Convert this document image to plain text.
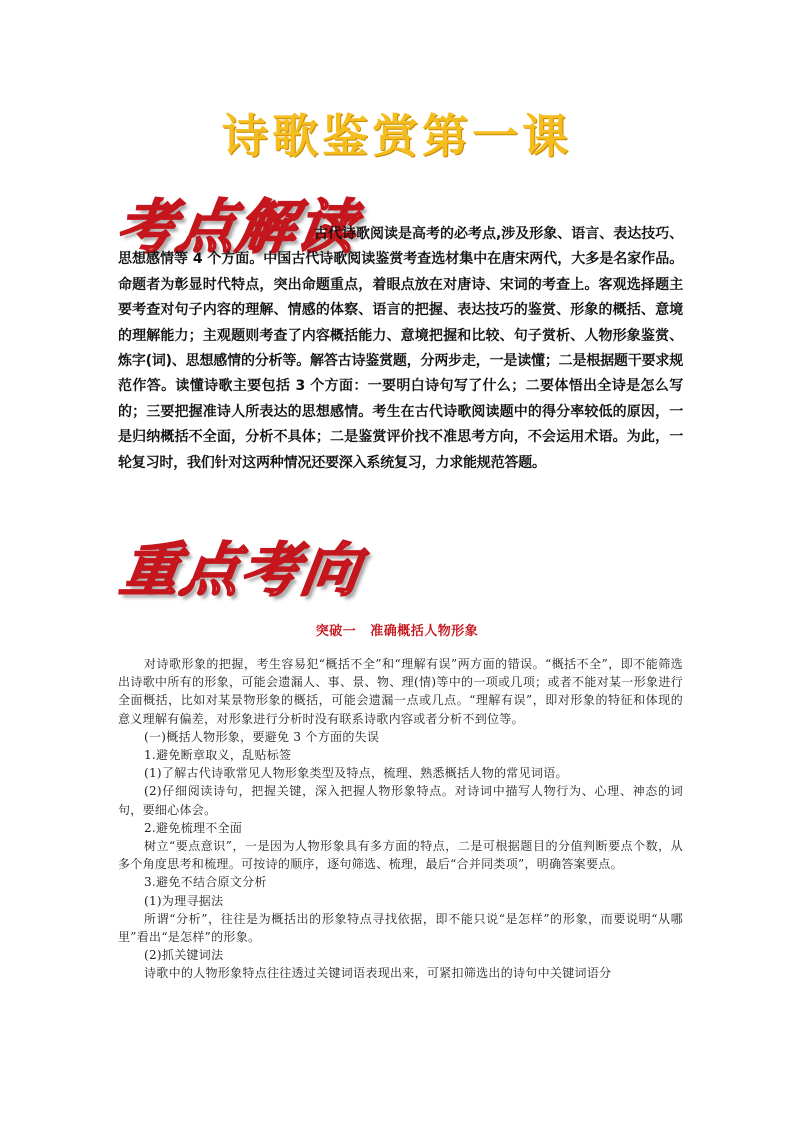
诗歌鉴赏第一课
考点解读
古代诗歌阅读是高考的必考点,涉及形象、语言、表达技巧、思想感情等 4 个方面。中国古代诗歌阅读鉴赏考查选材集中在唐宋两代，大多是名家作品。命题者为彰显时代特点，突出命题重点，着眼点放在对唐诗、宋词的考查上。客观选择题主要考查对句子内容的理解、情感的体察、语言的把握、表达技巧的鉴赏、形象的概括、意境的理解能力；主观题则考查了内容概括能力、意境把握和比较、句子赏析、人物形象鉴赏、炼字(词)、思想感情的分析等。解答古诗鉴赏题，分两步走，一是读懂；二是根据题干要求规范作答。读懂诗歌主要包括 3 个方面：一要明白诗句写了什么；二要体悟出全诗是怎么写的；三要把握准诗人所表达的思想感情。考生在古代诗歌阅读题中的得分率较低的原因，一是归纳概括不全面，分析不具体；二是鉴赏评价找不准思考方向，不会运用术语。为此，一轮复习时，我们针对这两种情况还要深入系统复习，力求能规范答题。
重点考向
突破一 准确概括人物形象

对诗歌形象的把握，考生容易犯“概括不全”和“理解有误”两方面的错误。“概括不全”，即不能筛选出诗歌中所有的形象，可能会遗漏人、事、景、物、理(情)等中的一项或几项；或者不能对某一形象进行全面概括，比如对某景物形象的概括，可能会遗漏一点或几点。“理解有误”，即对形象的特征和体现的意义理解有偏差，对形象进行分析时没有联系诗歌内容或者分析不到位等。

(一)概括人物形象，要避免 3 个方面的失误

1.避免断章取义，乱贴标签

(1)了解古代诗歌常见人物形象类型及特点，梳理、熟悉概括人物的常见词语。

(2)仔细阅读诗句，把握关键，深入把握人物形象特点。对诗词中描写人物行为、心理、神态的词句，要细心体会。

2.避免梳理不全面

树立“要点意识”，一是因为人物形象具有多方面的特点，二是可根据题目的分值判断要点个数，从多个角度思考和梳理。可按诗的顺序，逐句筛选、梳理，最后“合并同类项”，明确答案要点。

3.避免不结合原文分析

(1)为理寻据法

所谓“分析”，往往是为概括出的形象特点寻找依据，即不能只说“是怎样”的形象，而要说明“从哪里”看出“是怎样”的形象。

(2)抓关键词法

诗歌中的人物形象特点往往透过关键词语表现出来，可紧扣筛选出的诗句中关键词语分
